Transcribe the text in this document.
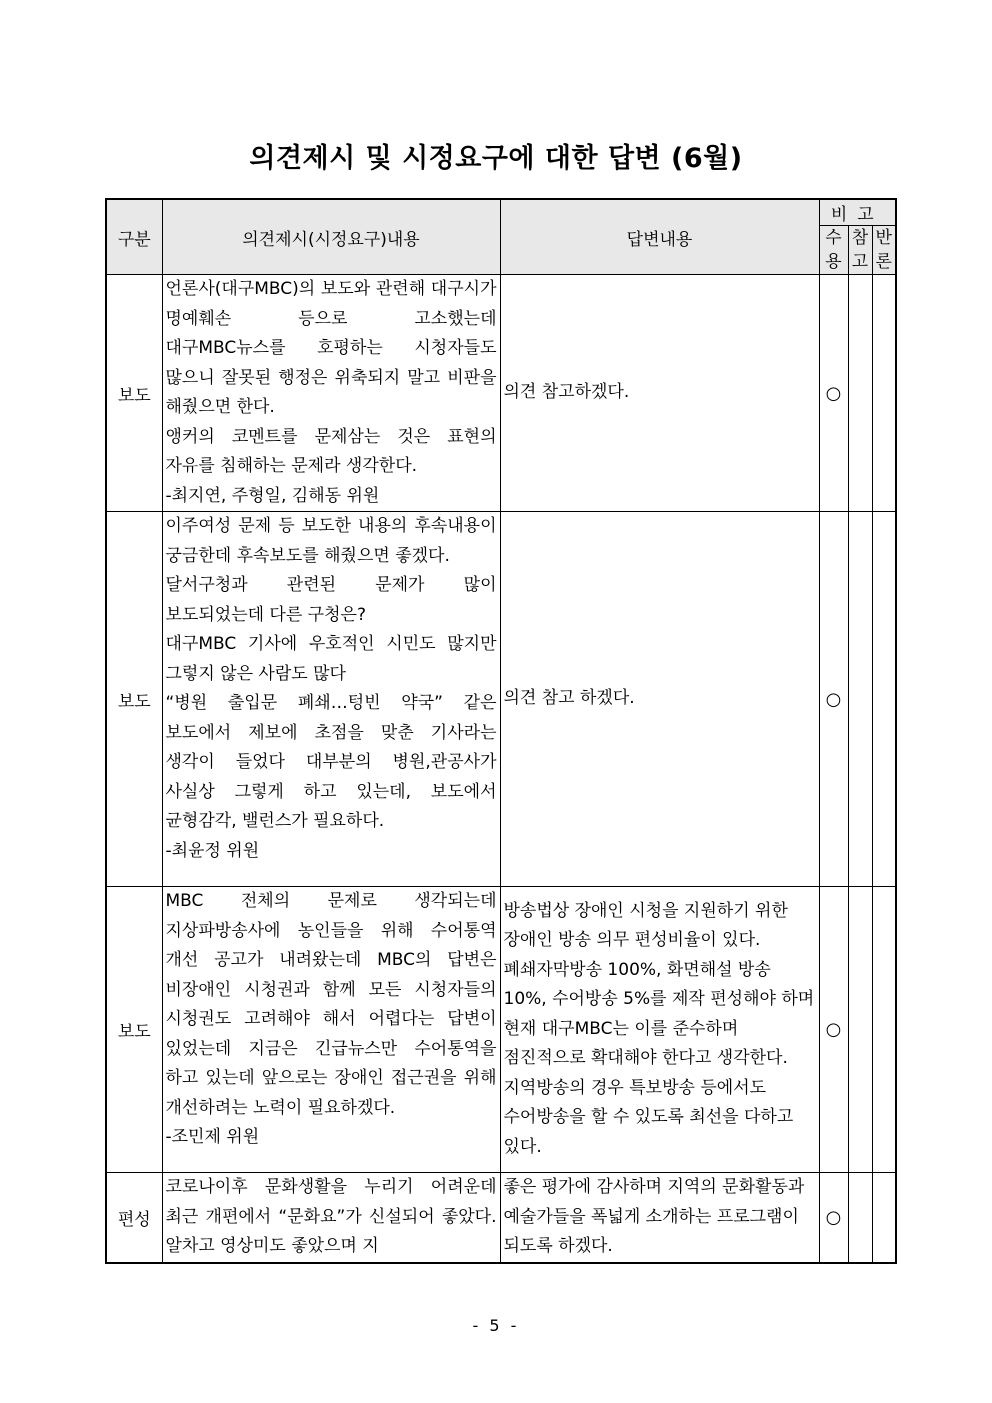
의견제시 및 시정요구에 대한 답변 (6월)
구분	의견제시(시정요구)내용	답변내용	비고		
			수용	참고	반론
보도	언론사(대구MBC)의 보도와 관련해 대구시가 명예훼손 등으로 고소했는데 대구MBC뉴스를 호평하는 시청자들도 많으니 잘못된 행정은 위축되지 말고 비판을 해줬으면 한다.

앵커의 코멘트를 문제삼는 것은 표현의 자유를 침해하는 문제라 생각한다.

-최지연, 주형일, 김해동 위원	의견 참고하겠다.	○		
보도	이주여성 문제 등 보도한 내용의 후속내용이 궁금한데 후속보도를 해줬으면 좋겠다.

달서구청과 관련된 문제가 많이 보도되었는데 다른 구청은?

대구MBC 기사에 우호적인 시민도 많지만 그렇지 않은 사람도 많다

“병원 출입문 폐쇄…텅빈 약국” 같은 보도에서 제보에 초점을 맞춘 기사라는 생각이 들었다 대부분의 병원,관공사가 사실상 그렇게 하고 있는데, 보도에서 균형감각, 밸런스가 필요하다.

-최윤정 위원	의견 참고 하겠다.	○		
보도	MBC 전체의 문제로 생각되는데 지상파방송사에 농인들을 위해 수어통역 개선 공고가 내려왔는데 MBC의 답변은 비장애인 시청권과 함께 모든 시청자들의 시청권도 고려해야 해서 어렵다는 답변이 있었는데 지금은 긴급뉴스만 수어통역을 하고 있는데 앞으로는 장애인 접근권을 위해 개선하려는 노력이 필요하겠다.

-조민제 위원	방송법상 장애인 시청을 지원하기 위한 장애인 방송 의무 편성비율이 있다. 폐쇄자막방송 100%, 화면해설 방송 10%, 수어방송 5%를 제작 편성해야 하며 현재 대구MBC는 이를 준수하며 점진적으로 확대해야 한다고 생각한다. 지역방송의 경우 특보방송 등에서도 수어방송을 할 수 있도록 최선을 다하고 있다.	○		
편성	코로나이후 문화생활을 누리기 어려운데 최근 개편에서 “문화요”가 신설되어 좋았다. 알차고 영상미도 좋았으며 지	좋은 평가에 감사하며 지역의 문화활동과 예술가들을 폭넓게 소개하는 프로그램이 되도록 하겠다.	○		
- 5 -
